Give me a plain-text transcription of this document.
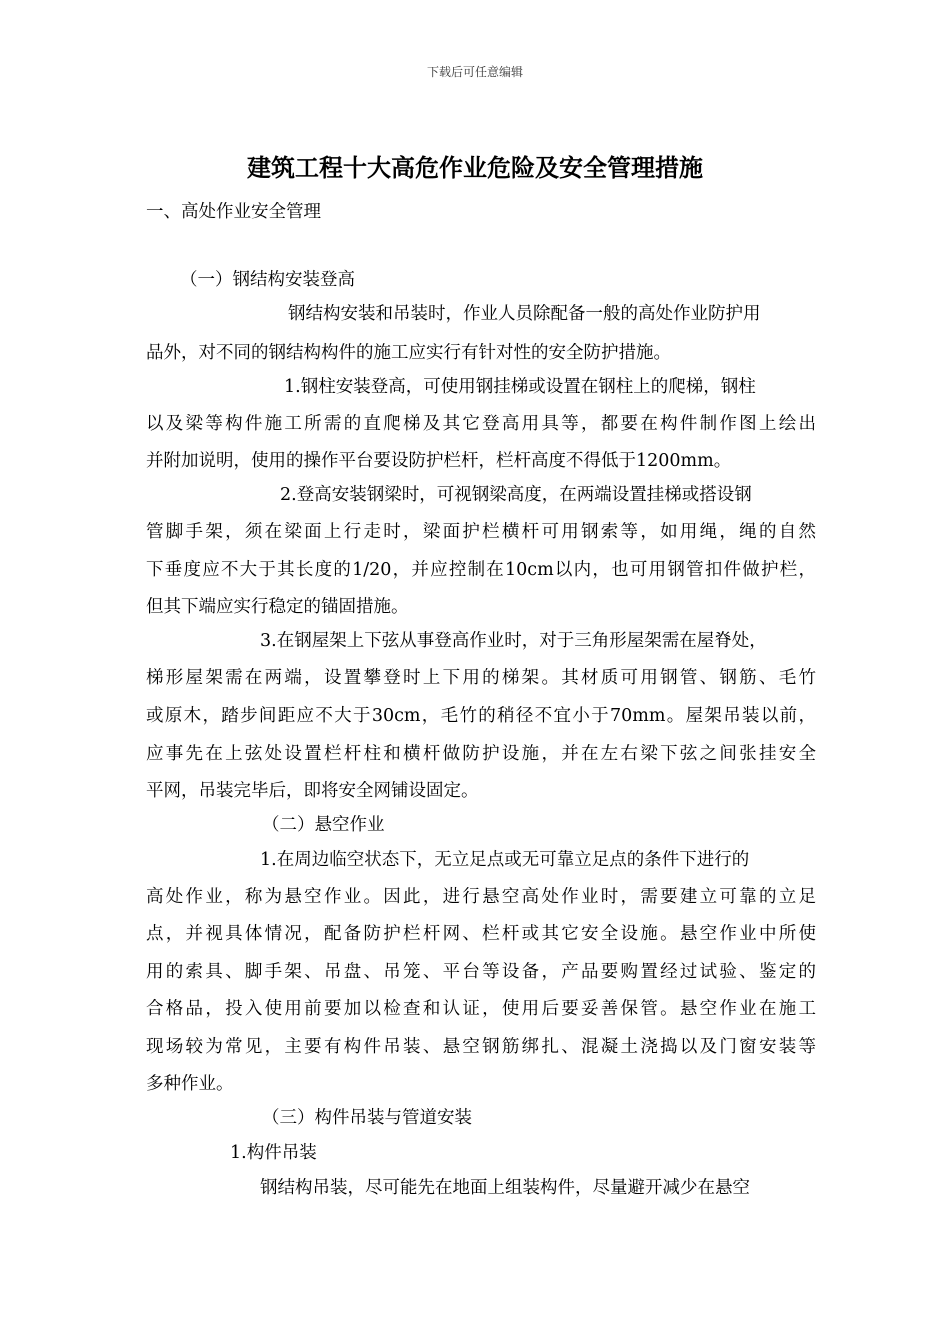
下载后可任意编辑
建筑工程十大高危作业危险及安全管理措施
一、高处作业安全管理
（一）钢结构安装登高
钢结构安装和吊装时，作业人员除配备一般的高处作业防护用
品外，对不同的钢结构构件的施工应实行有针对性的安全防护措施。
1.钢柱安装登高，可使用钢挂梯或设置在钢柱上的爬梯，钢柱
以及梁等构件施工所需的直爬梯及其它登高用具等，都要在构件制作图上绘出
并附加说明，使用的操作平台要设防护栏杆，栏杆高度不得低于1200mm。
2.登高安装钢梁时，可视钢梁高度，在两端设置挂梯或搭设钢
管脚手架，须在梁面上行走时，梁面护栏横杆可用钢索等，如用绳，绳的自然
下垂度应不大于其长度的1/20，并应控制在10cm以内，也可用钢管扣件做护栏，
但其下端应实行稳定的锚固措施。
3.在钢屋架上下弦从事登高作业时，对于三角形屋架需在屋脊处，
梯形屋架需在两端，设置攀登时上下用的梯架。其材质可用钢管、钢筋、毛竹
或原木，踏步间距应不大于30cm，毛竹的稍径不宜小于70mm。屋架吊装以前，
应事先在上弦处设置栏杆柱和横杆做防护设施，并在左右梁下弦之间张挂安全
平网，吊装完毕后，即将安全网铺设固定。
（二）悬空作业
1.在周边临空状态下，无立足点或无可靠立足点的条件下进行的
高处作业，称为悬空作业。因此，进行悬空高处作业时，需要建立可靠的立足
点，并视具体情况，配备防护栏杆网、栏杆或其它安全设施。悬空作业中所使
用的索具、脚手架、吊盘、吊笼、平台等设备，产品要购置经过试验、鉴定的
合格品，投入使用前要加以检查和认证，使用后要妥善保管。悬空作业在施工
现场较为常见，主要有构件吊装、悬空钢筋绑扎、混凝土浇捣以及门窗安装等
多种作业。
（三）构件吊装与管道安装
1.构件吊装
钢结构吊装，尽可能先在地面上组装构件，尽量避开减少在悬空
